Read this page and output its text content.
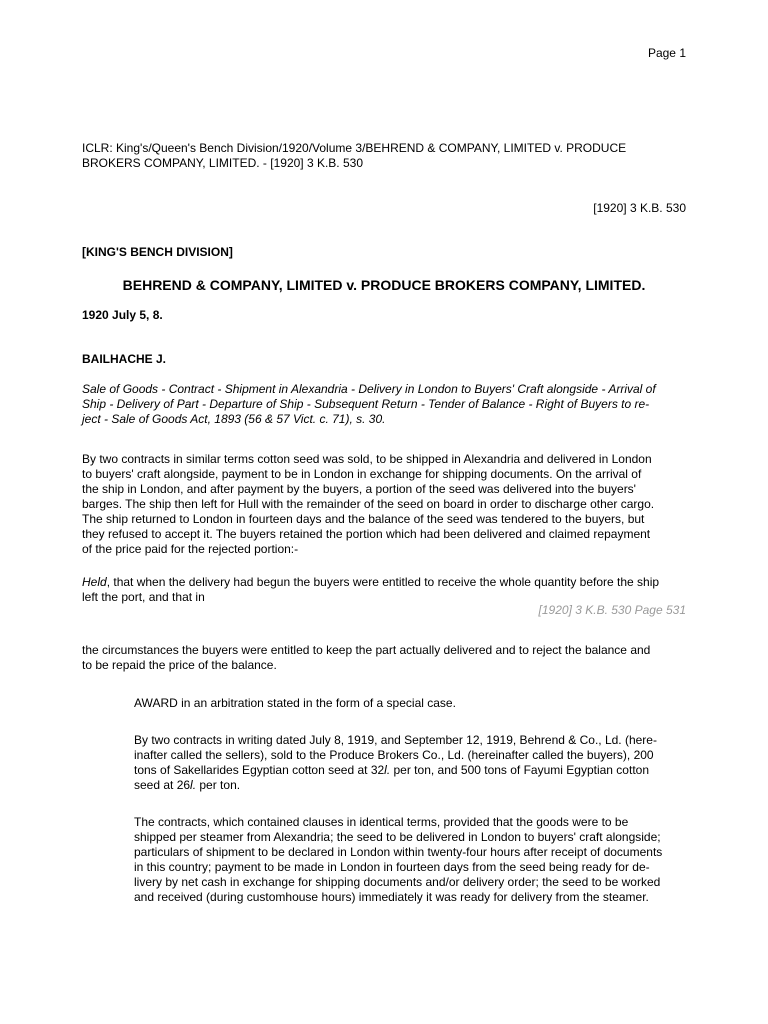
Page 1
ICLR: King's/Queen's Bench Division/1920/Volume 3/BEHREND & COMPANY, LIMITED v. PRODUCE
BROKERS COMPANY, LIMITED. - [1920] 3 K.B. 530
[1920] 3 K.B. 530
[KING'S BENCH DIVISION]
BEHREND & COMPANY, LIMITED v. PRODUCE BROKERS COMPANY, LIMITED.
1920 July 5, 8.
BAILHACHE J.
Sale of Goods - Contract - Shipment in Alexandria - Delivery in London to Buyers' Craft alongside - Arrival of
Ship - Delivery of Part - Departure of Ship - Subsequent Return - Tender of Balance - Right of Buyers to re-
ject - Sale of Goods Act, 1893 (56 & 57 Vict. c. 71), s. 30.
By two contracts in similar terms cotton seed was sold, to be shipped in Alexandria and delivered in London
to buyers' craft alongside, payment to be in London in exchange for shipping documents. On the arrival of
the ship in London, and after payment by the buyers, a portion of the seed was delivered into the buyers'
barges. The ship then left for Hull with the remainder of the seed on board in order to discharge other cargo.
The ship returned to London in fourteen days and the balance of the seed was tendered to the buyers, but
they refused to accept it. The buyers retained the portion which had been delivered and claimed repayment
of the price paid for the rejected portion:-
Held, that when the delivery had begun the buyers were entitled to receive the whole quantity before the ship
left the port, and that in
[1920] 3 K.B. 530 Page 531
the circumstances the buyers were entitled to keep the part actually delivered and to reject the balance and
to be repaid the price of the balance.
AWARD in an arbitration stated in the form of a special case.
By two contracts in writing dated July 8, 1919, and September 12, 1919, Behrend & Co., Ld. (here-
inafter called the sellers), sold to the Produce Brokers Co., Ld. (hereinafter called the buyers), 200
tons of Sakellarides Egyptian cotton seed at 32l. per ton, and 500 tons of Fayumi Egyptian cotton
seed at 26l. per ton.
The contracts, which contained clauses in identical terms, provided that the goods were to be
shipped per steamer from Alexandria; the seed to be delivered in London to buyers' craft alongside;
particulars of shipment to be declared in London within twenty-four hours after receipt of documents
in this country; payment to be made in London in fourteen days from the seed being ready for de-
livery by net cash in exchange for shipping documents and/or delivery order; the seed to be worked
and received (during customhouse hours) immediately it was ready for delivery from the steamer.
